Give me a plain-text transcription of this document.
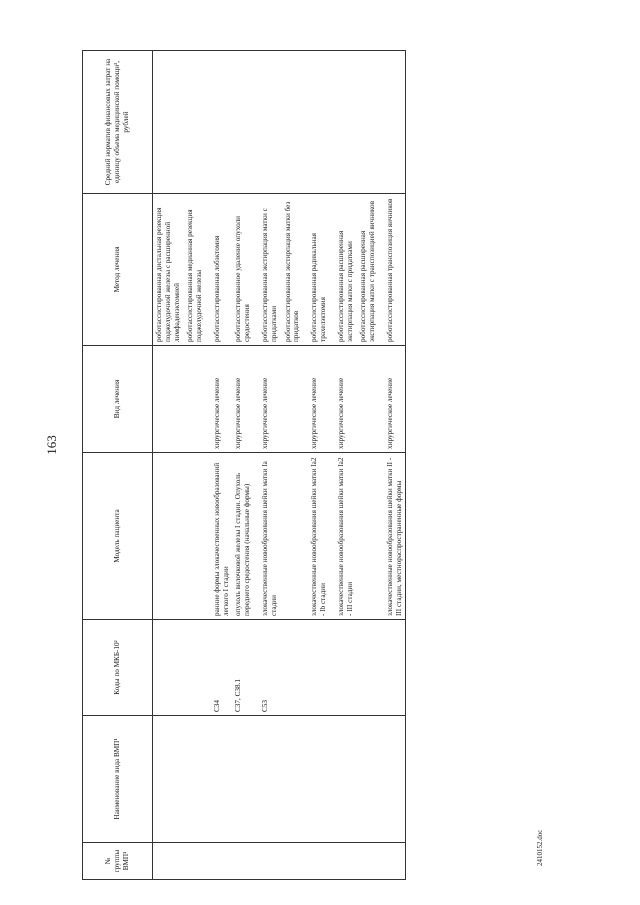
163
№ группы ВМП¹	Наименование вида ВМП¹	Коды по МКБ-10²	Модель пациента	Вид лечения	Метод лечения	Средний норматив финансовых затрат на единицу объема медицинской помощи³, рублей

					роботассистированная дистальная резекция поджелудочной железы с расширенной лимфаденэктомией роботассистированная медианная резекция поджелудочной железы	

		C34	ранние формы злокачественных новообразований легкого I стадии	хирургическое лечение	роботассистированная лобэктомия	

		C37, C38.1	опухоль вилочковой железы I стадии. Опухоль переднего средостения (начальные формы)	хирургическое лечение	роботассистированное удаление опухоли средостения	

		C53	злокачественные новообразования шейки матки Ia стадии	хирургическое лечение	роботассистированная экстирпация матки с придатками роботассистированная экстирпация матки без придатков	

			злокачественные новообразования шейки матки Ia2 - Ib стадии	хирургическое лечение	роботассистированная радикальная трахелэктомия	

			злокачественные новообразования шейки матки Ia2 - III стадии	хирургическое лечение	роботассистированная расширенная экстирпация матки с придатками роботассистированная расширенная экстирпация матки с транспозицией яичников	

			злокачественные новообразования шейки матки II - III стадии, местнораспространенные формы	хирургическое лечение	роботассистированная транспозиция яичников	

2410152.doc
